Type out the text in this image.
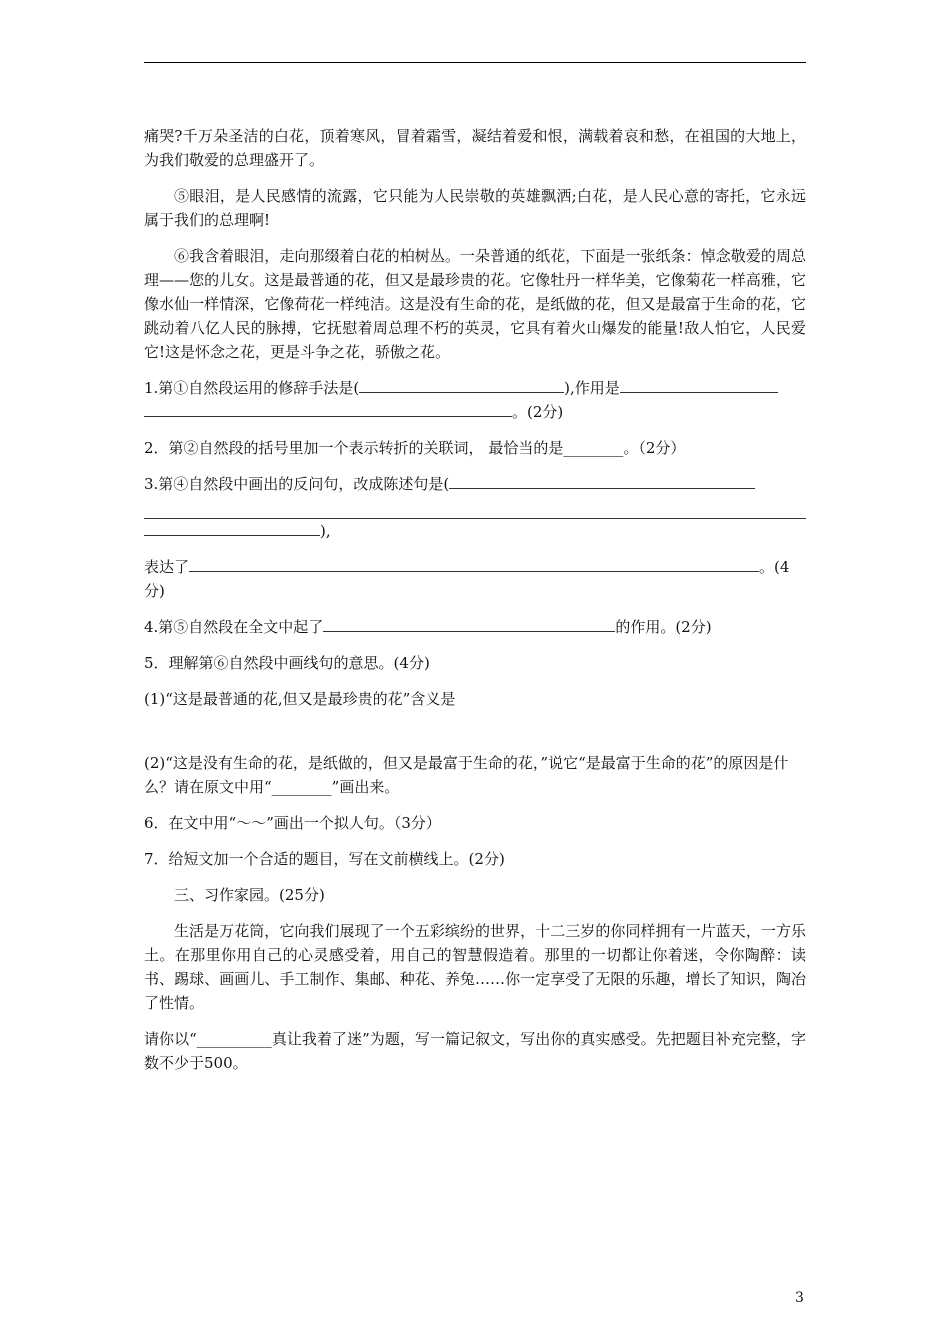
痛哭?千万朵圣洁的白花，顶着寒风，冒着霜雪，凝结着爱和恨，满载着哀和愁，在祖国的大地上，为我们敬爱的总理盛开了。

⑤眼泪，是人民感情的流露，它只能为人民崇敬的英雄飘洒;白花，是人民心意的寄托，它永远属于我们的总理啊!

⑥我含着眼泪，走向那缀着白花的柏树丛。一朵普通的纸花，下面是一张纸条：悼念敬爱的周总理——您的儿女。这是最普通的花，但又是最珍贵的花。它像牡丹一样华美，它像菊花一样高雅，它像水仙一样情深，它像荷花一样纯洁。这是没有生命的花，是纸做的花，但又是最富于生命的花，它跳动着八亿人民的脉搏，它抚慰着周总理不朽的英灵，它具有着火山爆发的能量!敌人怕它，人民爱它!这是怀念之花，更是斗争之花，骄傲之花。

1.第①自然段运用的修辞手法是(	),作用是
。(2分)
2．第②自然段的括号里加一个表示转折的关联词， 最恰当的是________。（2分）
3.第④自然段中画出的反问句，改成陈述句是(
),
表达了	。(4分)
4.第⑤自然段在全文中起了	的作用。(2分)
5．理解第⑥自然段中画线句的意思。(4分)
(1)“这是最普通的花,但又是最珍贵的花”含义是
(2)“这是没有生命的花，是纸做的，但又是最富于生命的花，”说它“是最富于生命的花”的原因是什么？请在原文中用“________”画出来。
6．在文中用“～～”画出一个拟人句。（3分）
7．给短文加一个合适的题目，写在文前横线上。(2分)

三、习作家园。(25分)

生活是万花筒，它向我们展现了一个五彩缤纷的世界，十二三岁的你同样拥有一片蓝天，一方乐土。在那里你用自己的心灵感受着，用自己的智慧假造着。那里的一切都让你着迷，令你陶醉：读书、踢球、画画儿、手工制作、集邮、种花、养兔……你一定享受了无限的乐趣，增长了知识，陶冶了性情。

请你以“__________真让我着了迷”为题，写一篇记叙文，写出你的真实感受。先把题目补充完整，字数不少于500。

3
